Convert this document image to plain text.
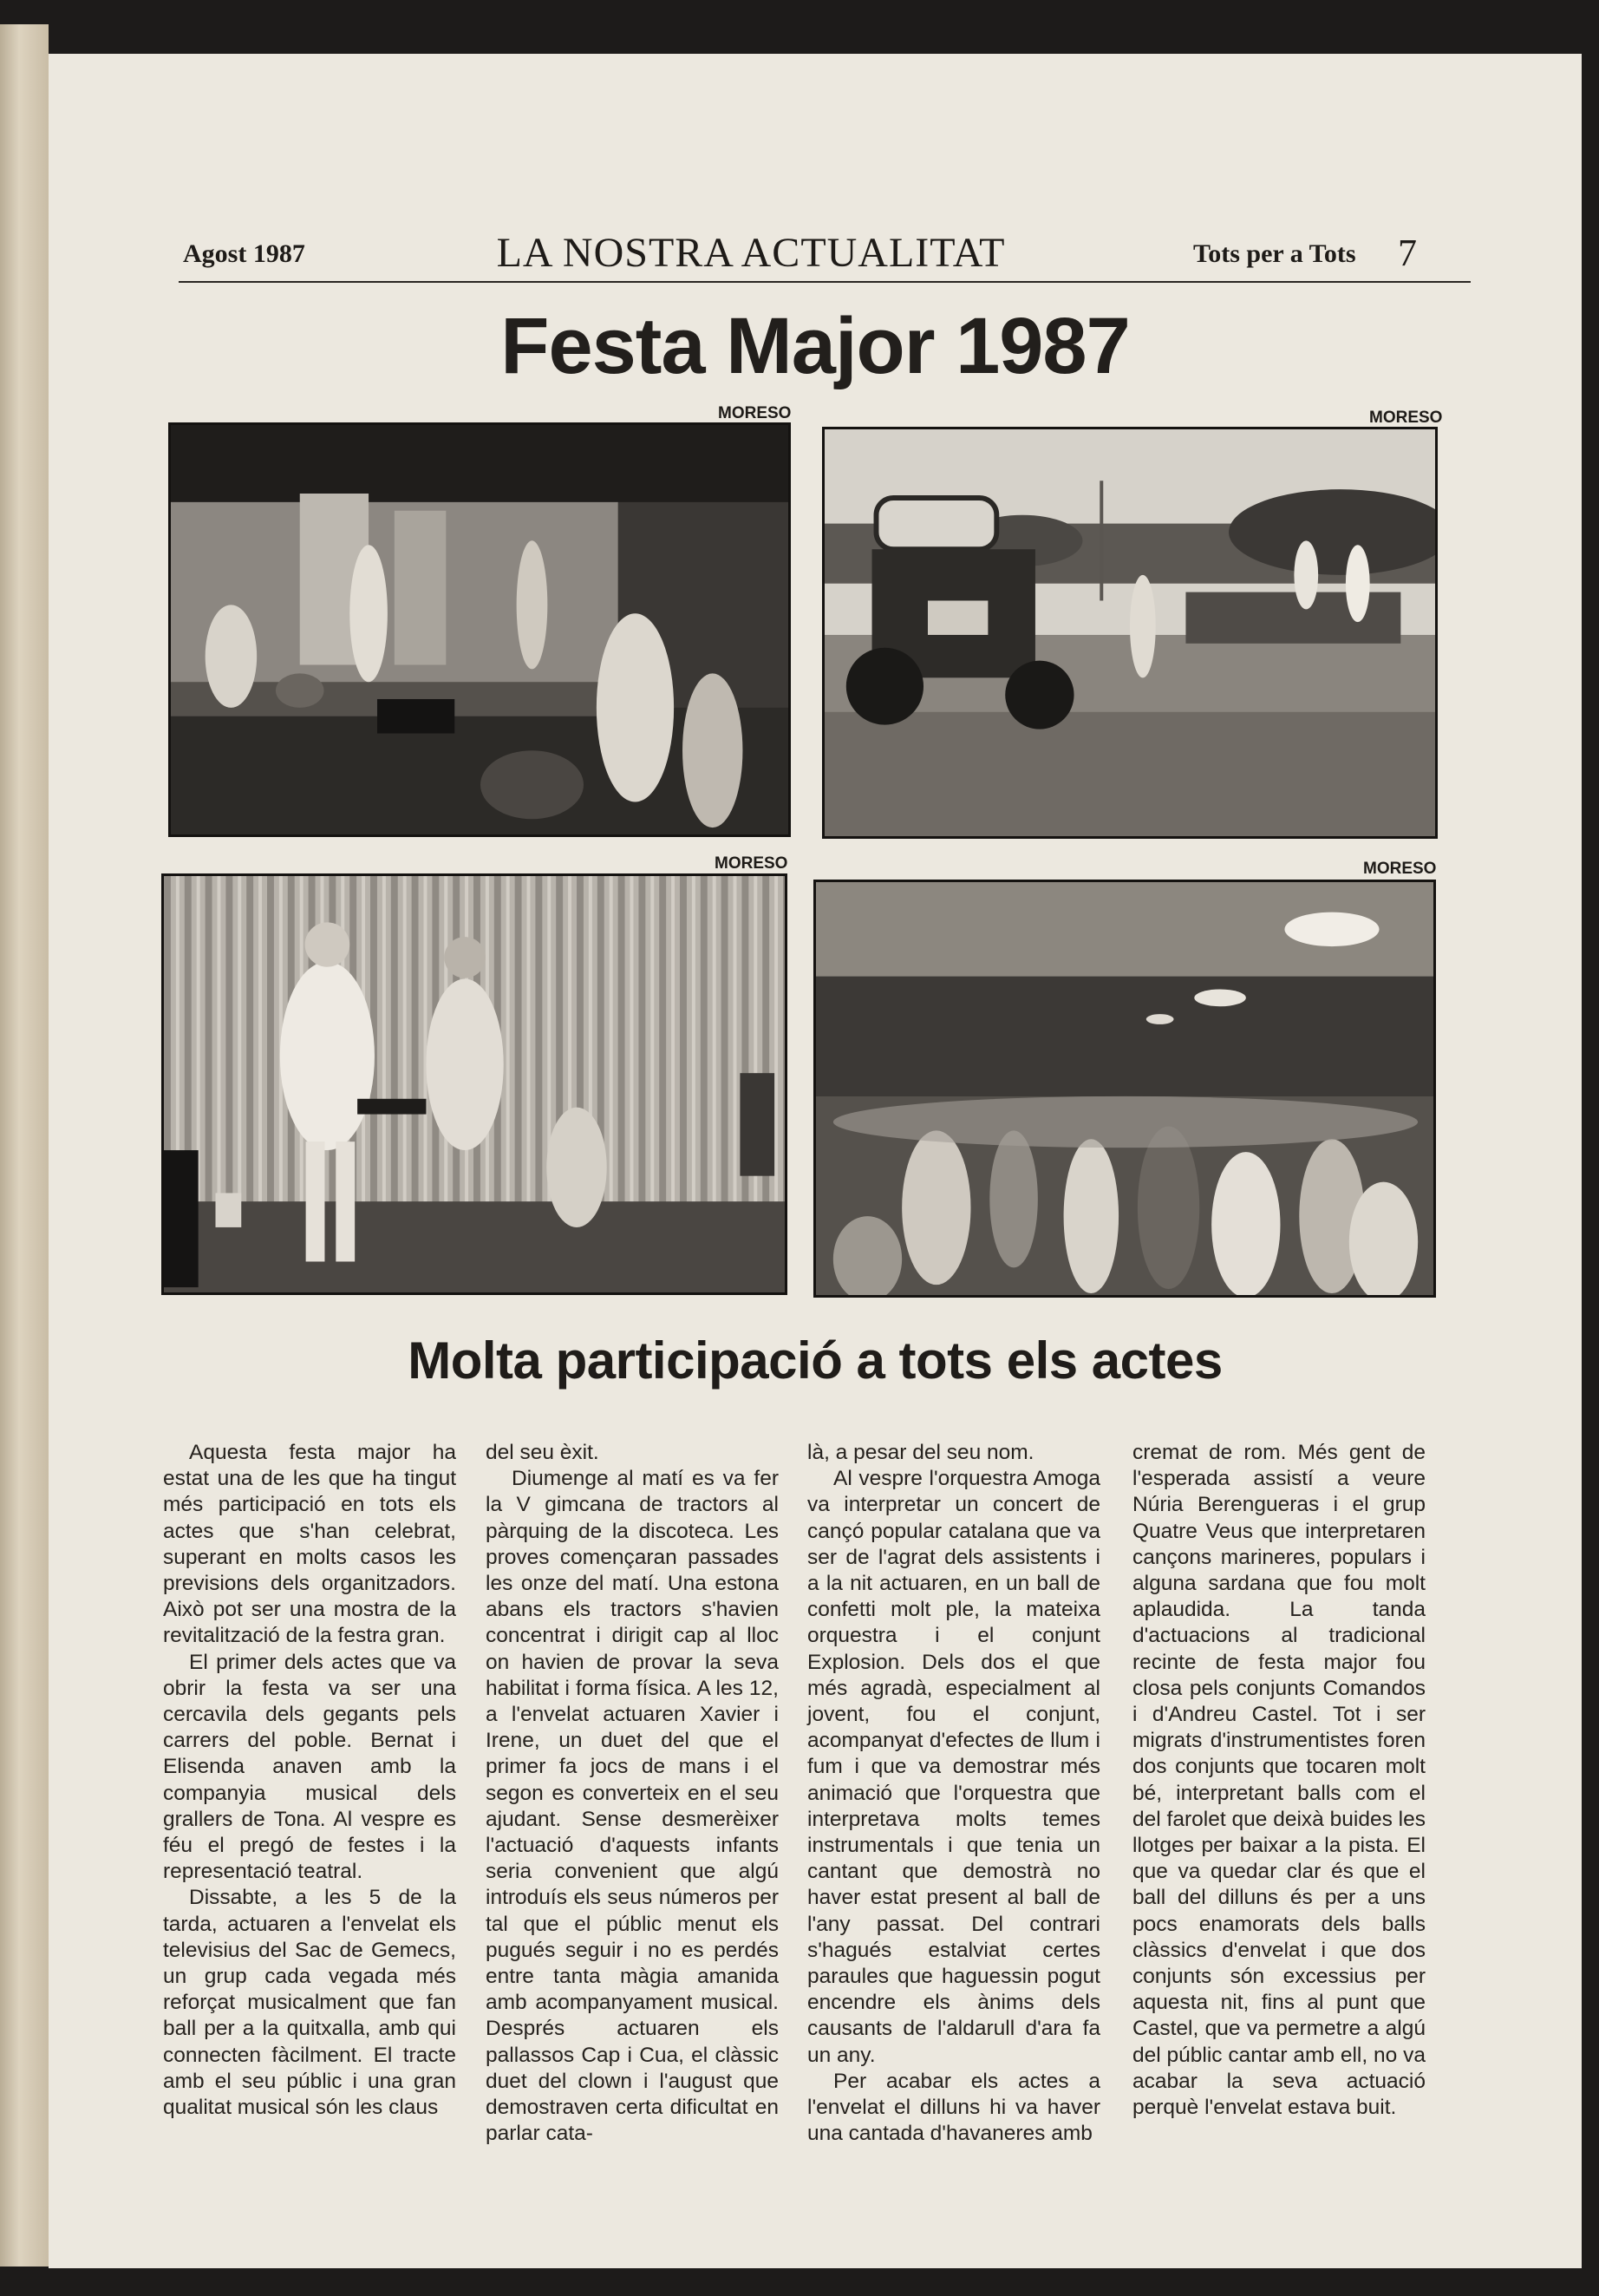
Agost 1987	LA NOSTRA ACTUALITAT	Tots per a Tots 7
Festa Major 1987
MORESO	MORESO
MORESO	MORESO
Molta participació a tots els actes

Aquesta festa major ha estat una de les que ha tingut més participació en tots els actes que s'han celebrat, superant en molts casos les previsions dels organitzadors. Això pot ser una mostra de la revitalització de la festra gran.

El primer dels actes que va obrir la festa va ser una cercavila dels gegants pels carrers del poble. Bernat i Elisenda anaven amb la companyia musical dels grallers de Tona. Al vespre es féu el pregó de festes i la representació teatral.

Dissabte, a les 5 de la tarda, actuaren a l'envelat els televisius del Sac de Gemecs, un grup cada vegada més reforçat musicalment que fan ball per a la quitxalla, amb qui connecten fàcilment. El tracte amb el seu públic i una gran qualitat musical són les claus

del seu èxit.

Diumenge al matí es va fer la V gimcana de tractors al pàrquing de la discoteca. Les proves començaran passades les onze del matí. Una estona abans els tractors s'havien concentrat i dirigit cap al lloc on havien de provar la seva habilitat i forma física. A les 12, a l'envelat actuaren Xavier i Irene, un duet del que el primer fa jocs de mans i el segon es converteix en el seu ajudant. Sense desmerèixer l'actuació d'aquests infants seria convenient que algú introduís els seus números per tal que el públic menut els pugués seguir i no es perdés entre tanta màgia amanida amb acompanyament musical. Després actuaren els pallassos Cap i Cua, el clàssic duet del clown i l'august que demostraven certa dificultat en parlar cata-

là, a pesar del seu nom.

Al vespre l'orquestra Amoga va interpretar un concert de cançó popular catalana que va ser de l'agrat dels assistents i a la nit actuaren, en un ball de confetti molt ple, la mateixa orquestra i el conjunt Explosion. Dels dos el que més agradà, especialment al jovent, fou el conjunt, acompanyat d'efectes de llum i fum i que va demostrar més animació que l'orquestra que interpretava molts temes instrumentals i que tenia un cantant que demostrà no haver estat present al ball de l'any passat. Del contrari s'hagués estalviat certes paraules que haguessin pogut encendre els ànims dels causants de l'aldarull d'ara fa un any.

Per acabar els actes a l'envelat el dilluns hi va haver una cantada d'havaneres amb

cremat de rom. Més gent de l'esperada assistí a veure Núria Berengueras i el grup Quatre Veus que interpretaren cançons marineres, populars i alguna sardana que fou molt aplaudida. La tanda d'actuacions al tradicional recinte de festa major fou closa pels conjunts Comandos i d'Andreu Castel. Tot i ser migrats d'instrumentistes foren dos conjunts que tocaren molt bé, interpretant balls com el del farolet que deixà buides les llotges per baixar a la pista. El que va quedar clar és que el ball del dilluns és per a uns pocs enamorats dels balls clàssics d'envelat i que dos conjunts són excessius per aquesta nit, fins al punt que Castel, que va permetre a algú del públic cantar amb ell, no va acabar la seva actuació perquè l'envelat estava buit.
